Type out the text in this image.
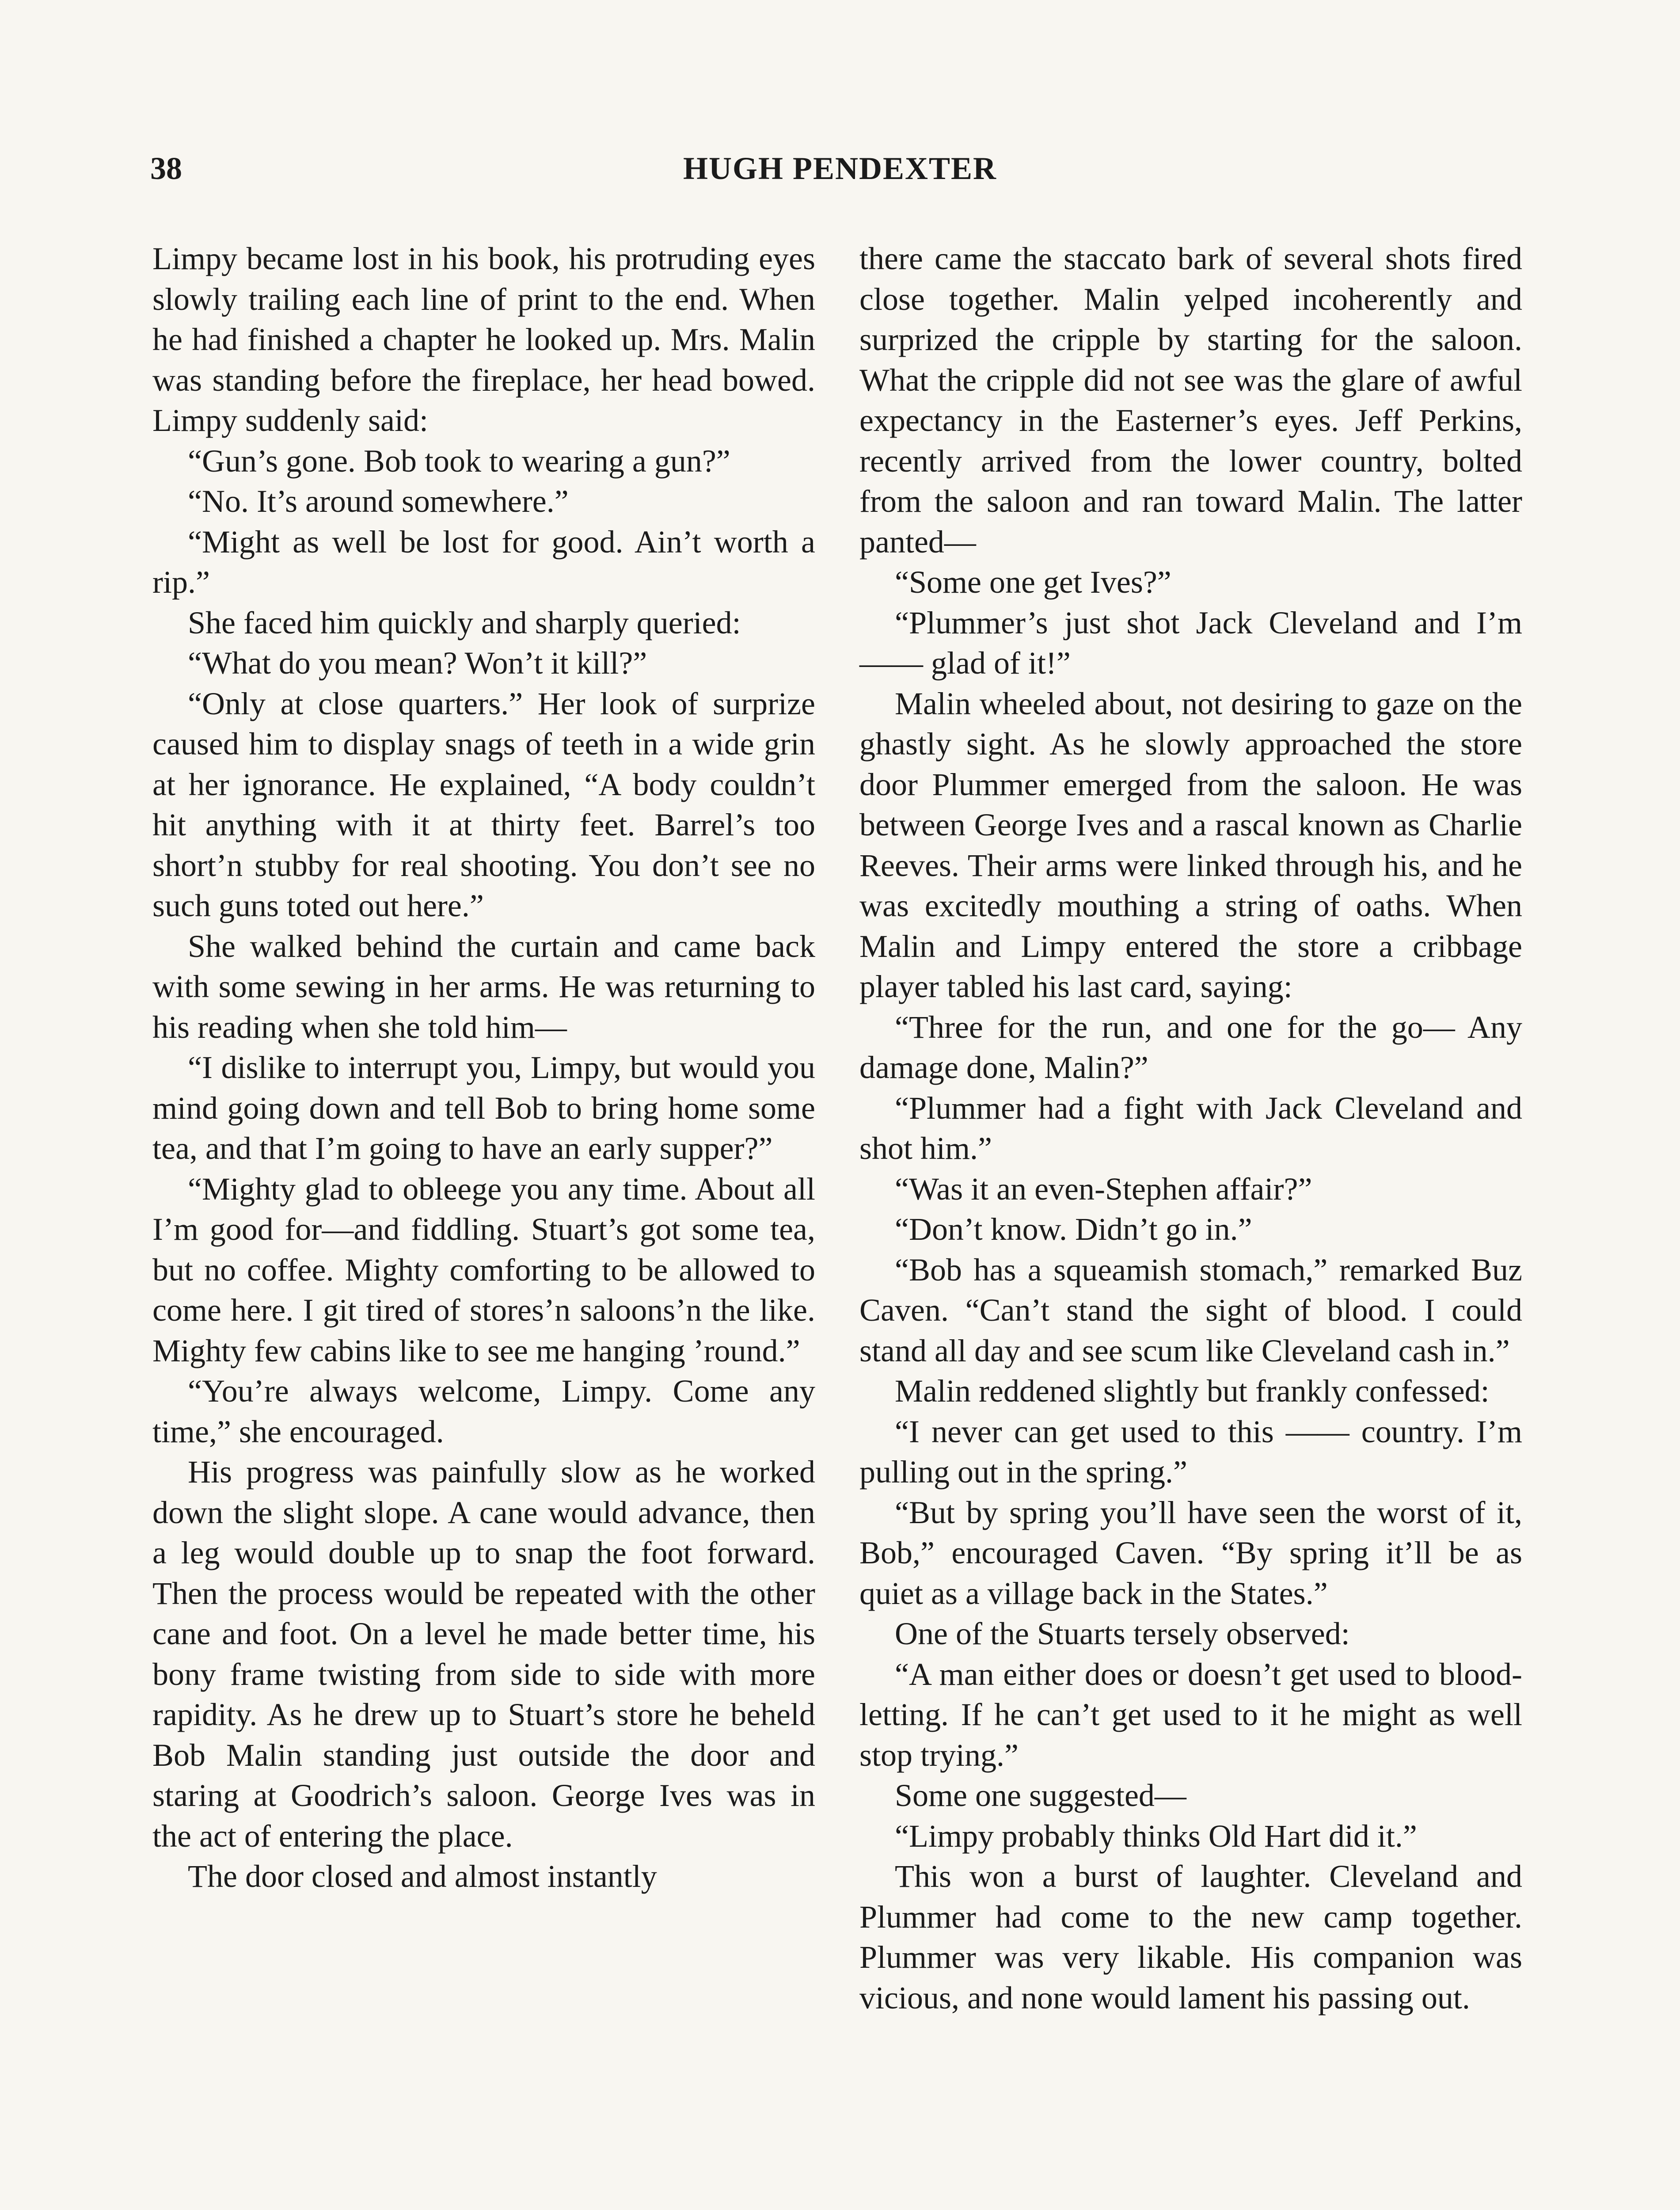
38	HUGH PENDEXTER

Limpy became lost in his book, his protruding eyes slowly trailing each line of print to the end. When he had finished a chapter he looked up. Mrs. Malin was standing before the fireplace, her head bowed. Limpy suddenly said:

“Gun’s gone. Bob took to wearing a gun?”

“No. It’s around somewhere.”

“Might as well be lost for good. Ain’t worth a rip.”

She faced him quickly and sharply queried:

“What do you mean? Won’t it kill?”

“Only at close quarters.” Her look of surprize caused him to display snags of teeth in a wide grin at her ignorance. He explained, “A body couldn’t hit anything with it at thirty feet. Barrel’s too short’n stubby for real shooting. You don’t see no such guns toted out here.”

She walked behind the curtain and came back with some sewing in her arms. He was returning to his reading when she told him—

“I dislike to interrupt you, Limpy, but would you mind going down and tell Bob to bring home some tea, and that I’m going to have an early supper?”

“Mighty glad to obleege you any time. About all I’m good for—and fiddling. Stuart’s got some tea, but no coffee. Mighty comforting to be allowed to come here. I git tired of stores’n saloons’n the like. Mighty few cabins like to see me hanging ’round.”

“You’re always welcome, Limpy. Come any time,” she encouraged.

His progress was painfully slow as he worked down the slight slope. A cane would advance, then a leg would double up to snap the foot forward. Then the process would be repeated with the other cane and foot. On a level he made better time, his bony frame twisting from side to side with more rapidity. As he drew up to Stuart’s store he beheld Bob Malin standing just outside the door and staring at Goodrich’s saloon. George Ives was in the act of entering the place.

The door closed and almost instantly

there came the staccato bark of several shots fired close together. Malin yelped incoherently and surprized the cripple by starting for the saloon. What the cripple did not see was the glare of awful expectancy in the Easterner’s eyes. Jeff Perkins, recently arrived from the lower country, bolted from the saloon and ran toward Malin. The latter panted—

“Some one get Ives?”

“Plummer’s just shot Jack Cleveland and I’m —— glad of it!”

Malin wheeled about, not desiring to gaze on the ghastly sight. As he slowly approached the store door Plummer emerged from the saloon. He was between George Ives and a rascal known as Charlie Reeves. Their arms were linked through his, and he was excitedly mouthing a string of oaths. When Malin and Limpy entered the store a cribbage player tabled his last card, saying:

“Three for the run, and one for the go— Any damage done, Malin?”

“Plummer had a fight with Jack Cleveland and shot him.”

“Was it an even-Stephen affair?”

“Don’t know. Didn’t go in.”

“Bob has a squeamish stomach,” remarked Buz Caven. “Can’t stand the sight of blood. I could stand all day and see scum like Cleveland cash in.”

Malin reddened slightly but frankly confessed:

“I never can get used to this —— country. I’m pulling out in the spring.”

“But by spring you’ll have seen the worst of it, Bob,” encouraged Caven. “By spring it’ll be as quiet as a village back in the States.”

One of the Stuarts tersely observed:

“A man either does or doesn’t get used to blood-letting. If he can’t get used to it he might as well stop trying.”

Some one suggested—

“Limpy probably thinks Old Hart did it.”

This won a burst of laughter. Cleveland and Plummer had come to the new camp together. Plummer was very likable. His companion was vicious, and none would lament his passing out.
